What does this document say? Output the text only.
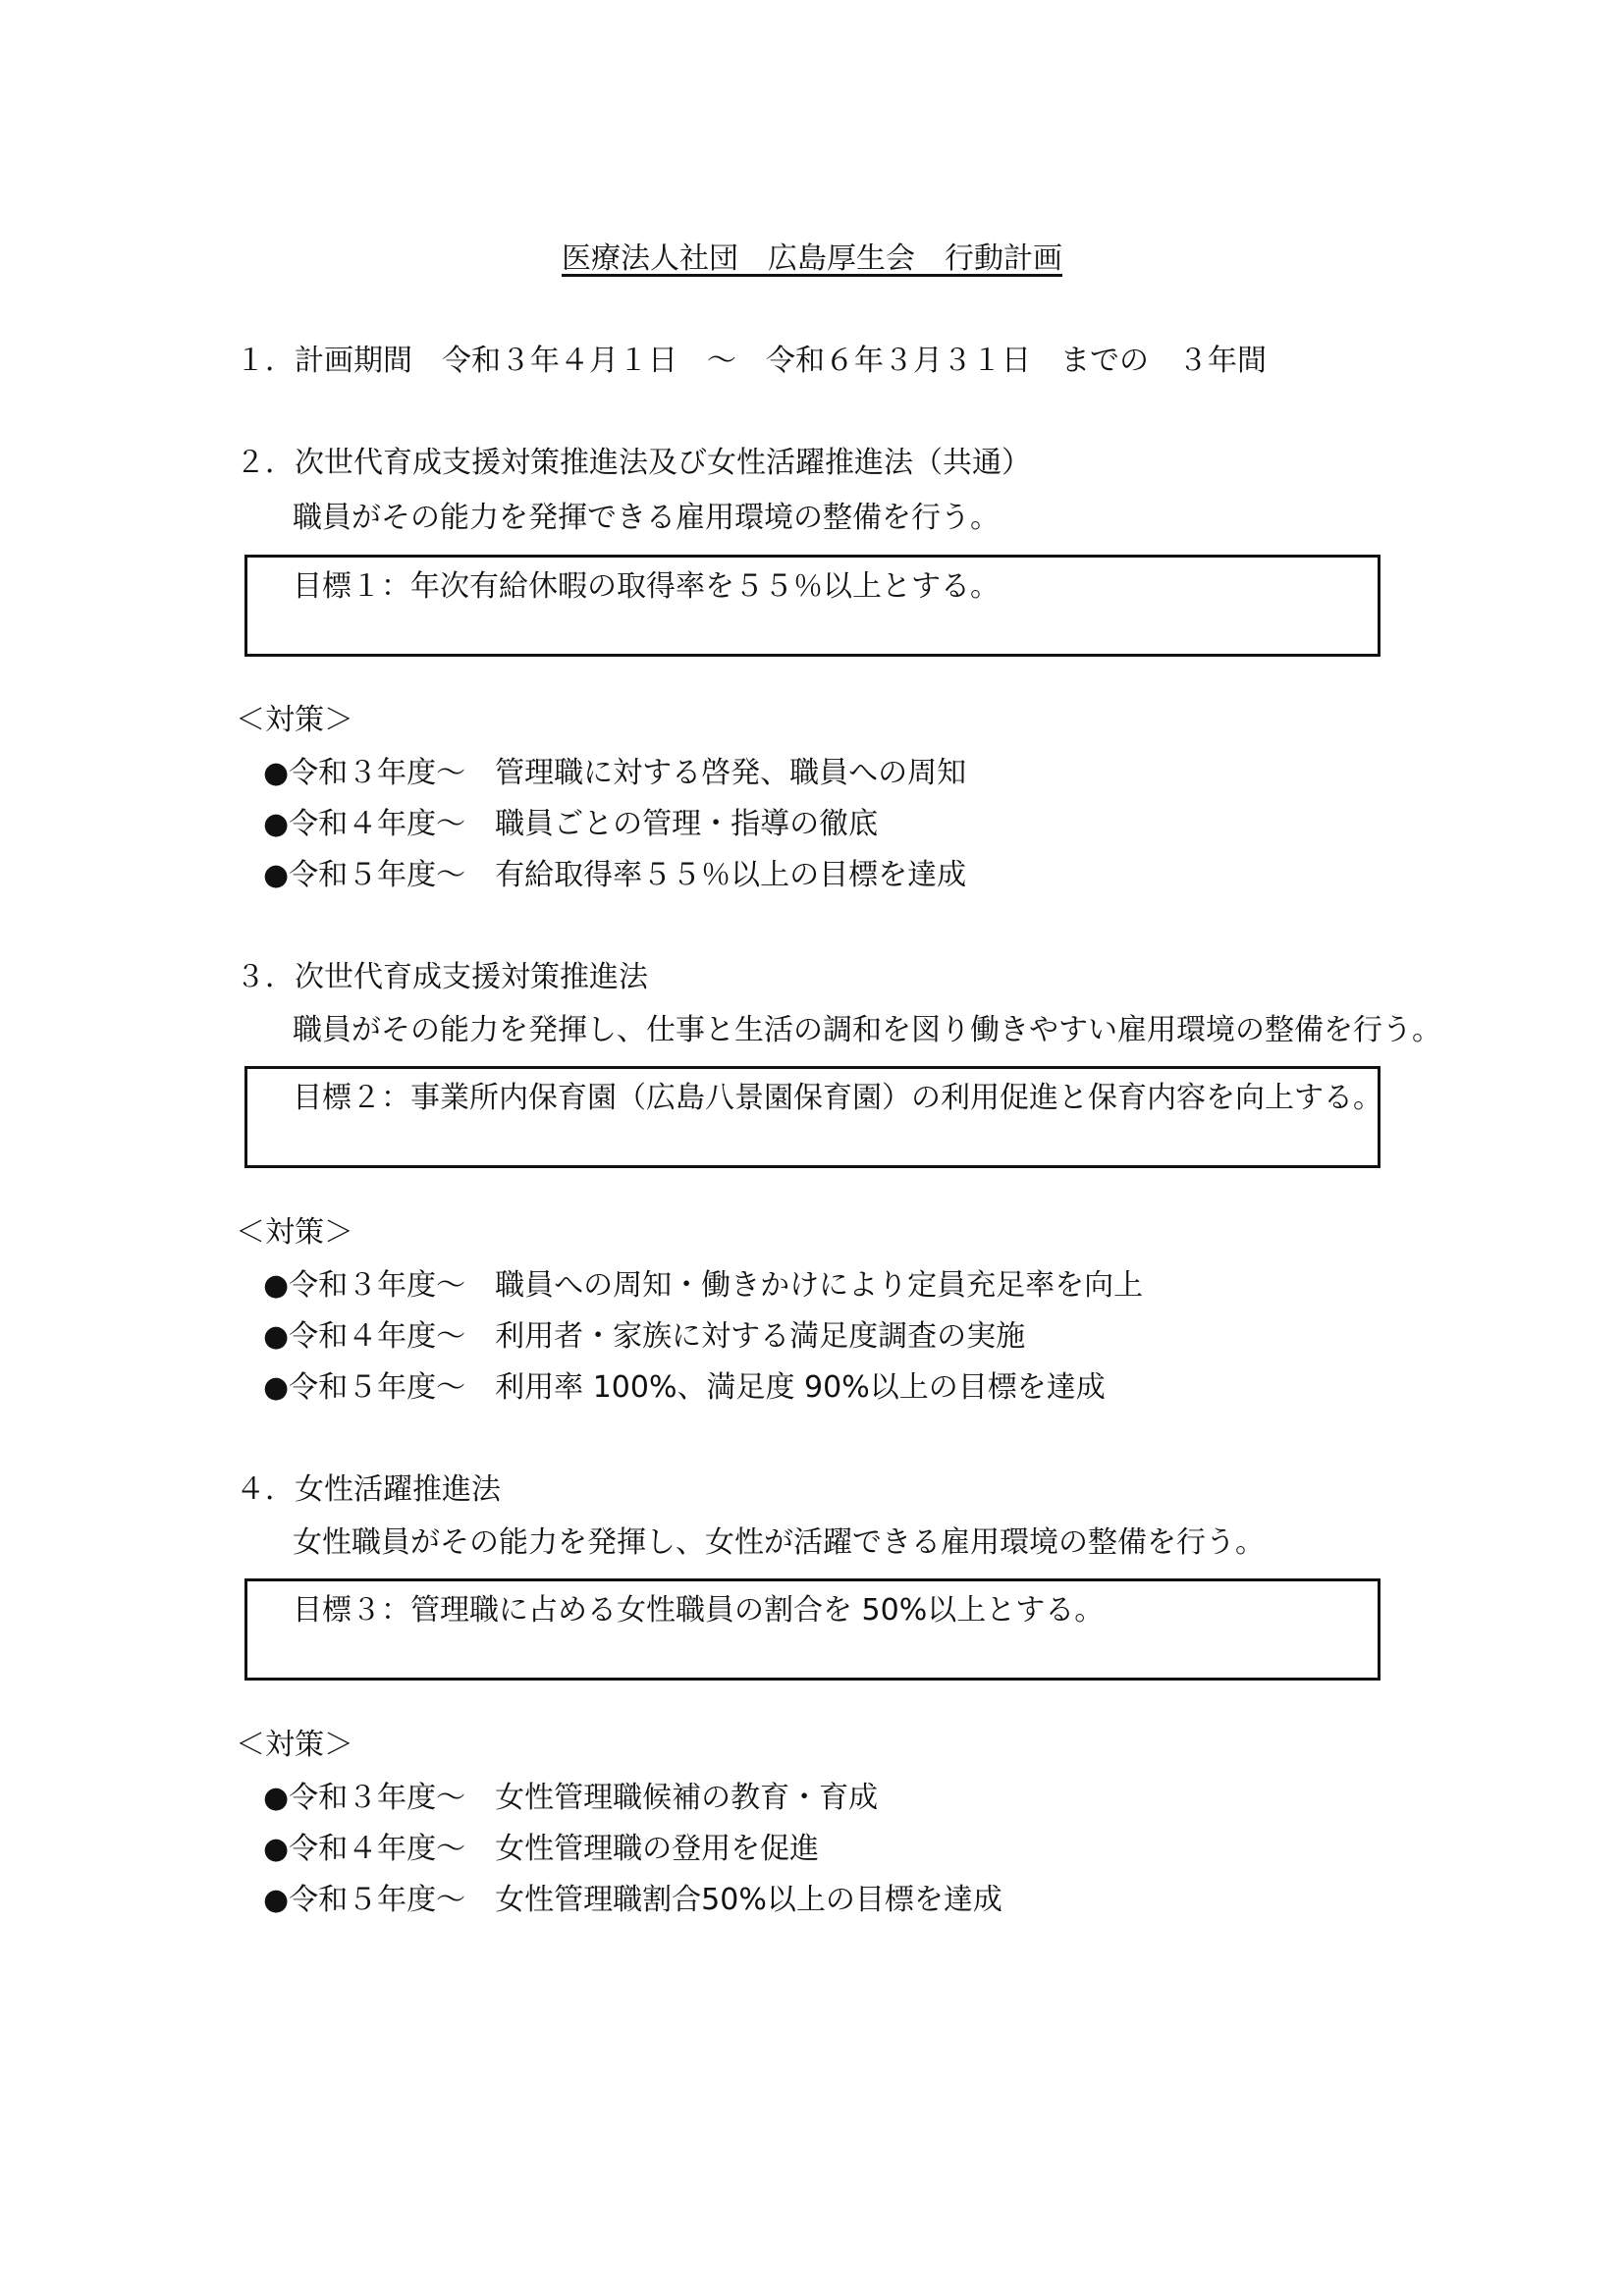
医療法人社団　広島厚生会　行動計画
１．計画期間　令和３年４月１日　～　令和６年３月３１日　までの　３年間
２．次世代育成支援対策推進法及び女性活躍推進法（共通）
職員がその能力を発揮できる雇用環境の整備を行う。
目標１：年次有給休暇の取得率を５５％以上とする。
＜対策＞
●令和３年度～　管理職に対する啓発、職員への周知
●令和４年度～　職員ごとの管理・指導の徹底
●令和５年度～　有給取得率５５％以上の目標を達成
３．次世代育成支援対策推進法
職員がその能力を発揮し、仕事と生活の調和を図り働きやすい雇用環境の整備を行う。
目標２：事業所内保育園（広島八景園保育園）の利用促進と保育内容を向上する。
＜対策＞
●令和３年度～　職員への周知・働きかけにより定員充足率を向上
●令和４年度～　利用者・家族に対する満足度調査の実施
●令和５年度～　利用率 100%、満足度 90%以上の目標を達成
４．女性活躍推進法
女性職員がその能力を発揮し、女性が活躍できる雇用環境の整備を行う。
目標３：管理職に占める女性職員の割合を 50%以上とする。
＜対策＞
●令和３年度～　女性管理職候補の教育・育成
●令和４年度～　女性管理職の登用を促進
●令和５年度～　女性管理職割合50%以上の目標を達成
